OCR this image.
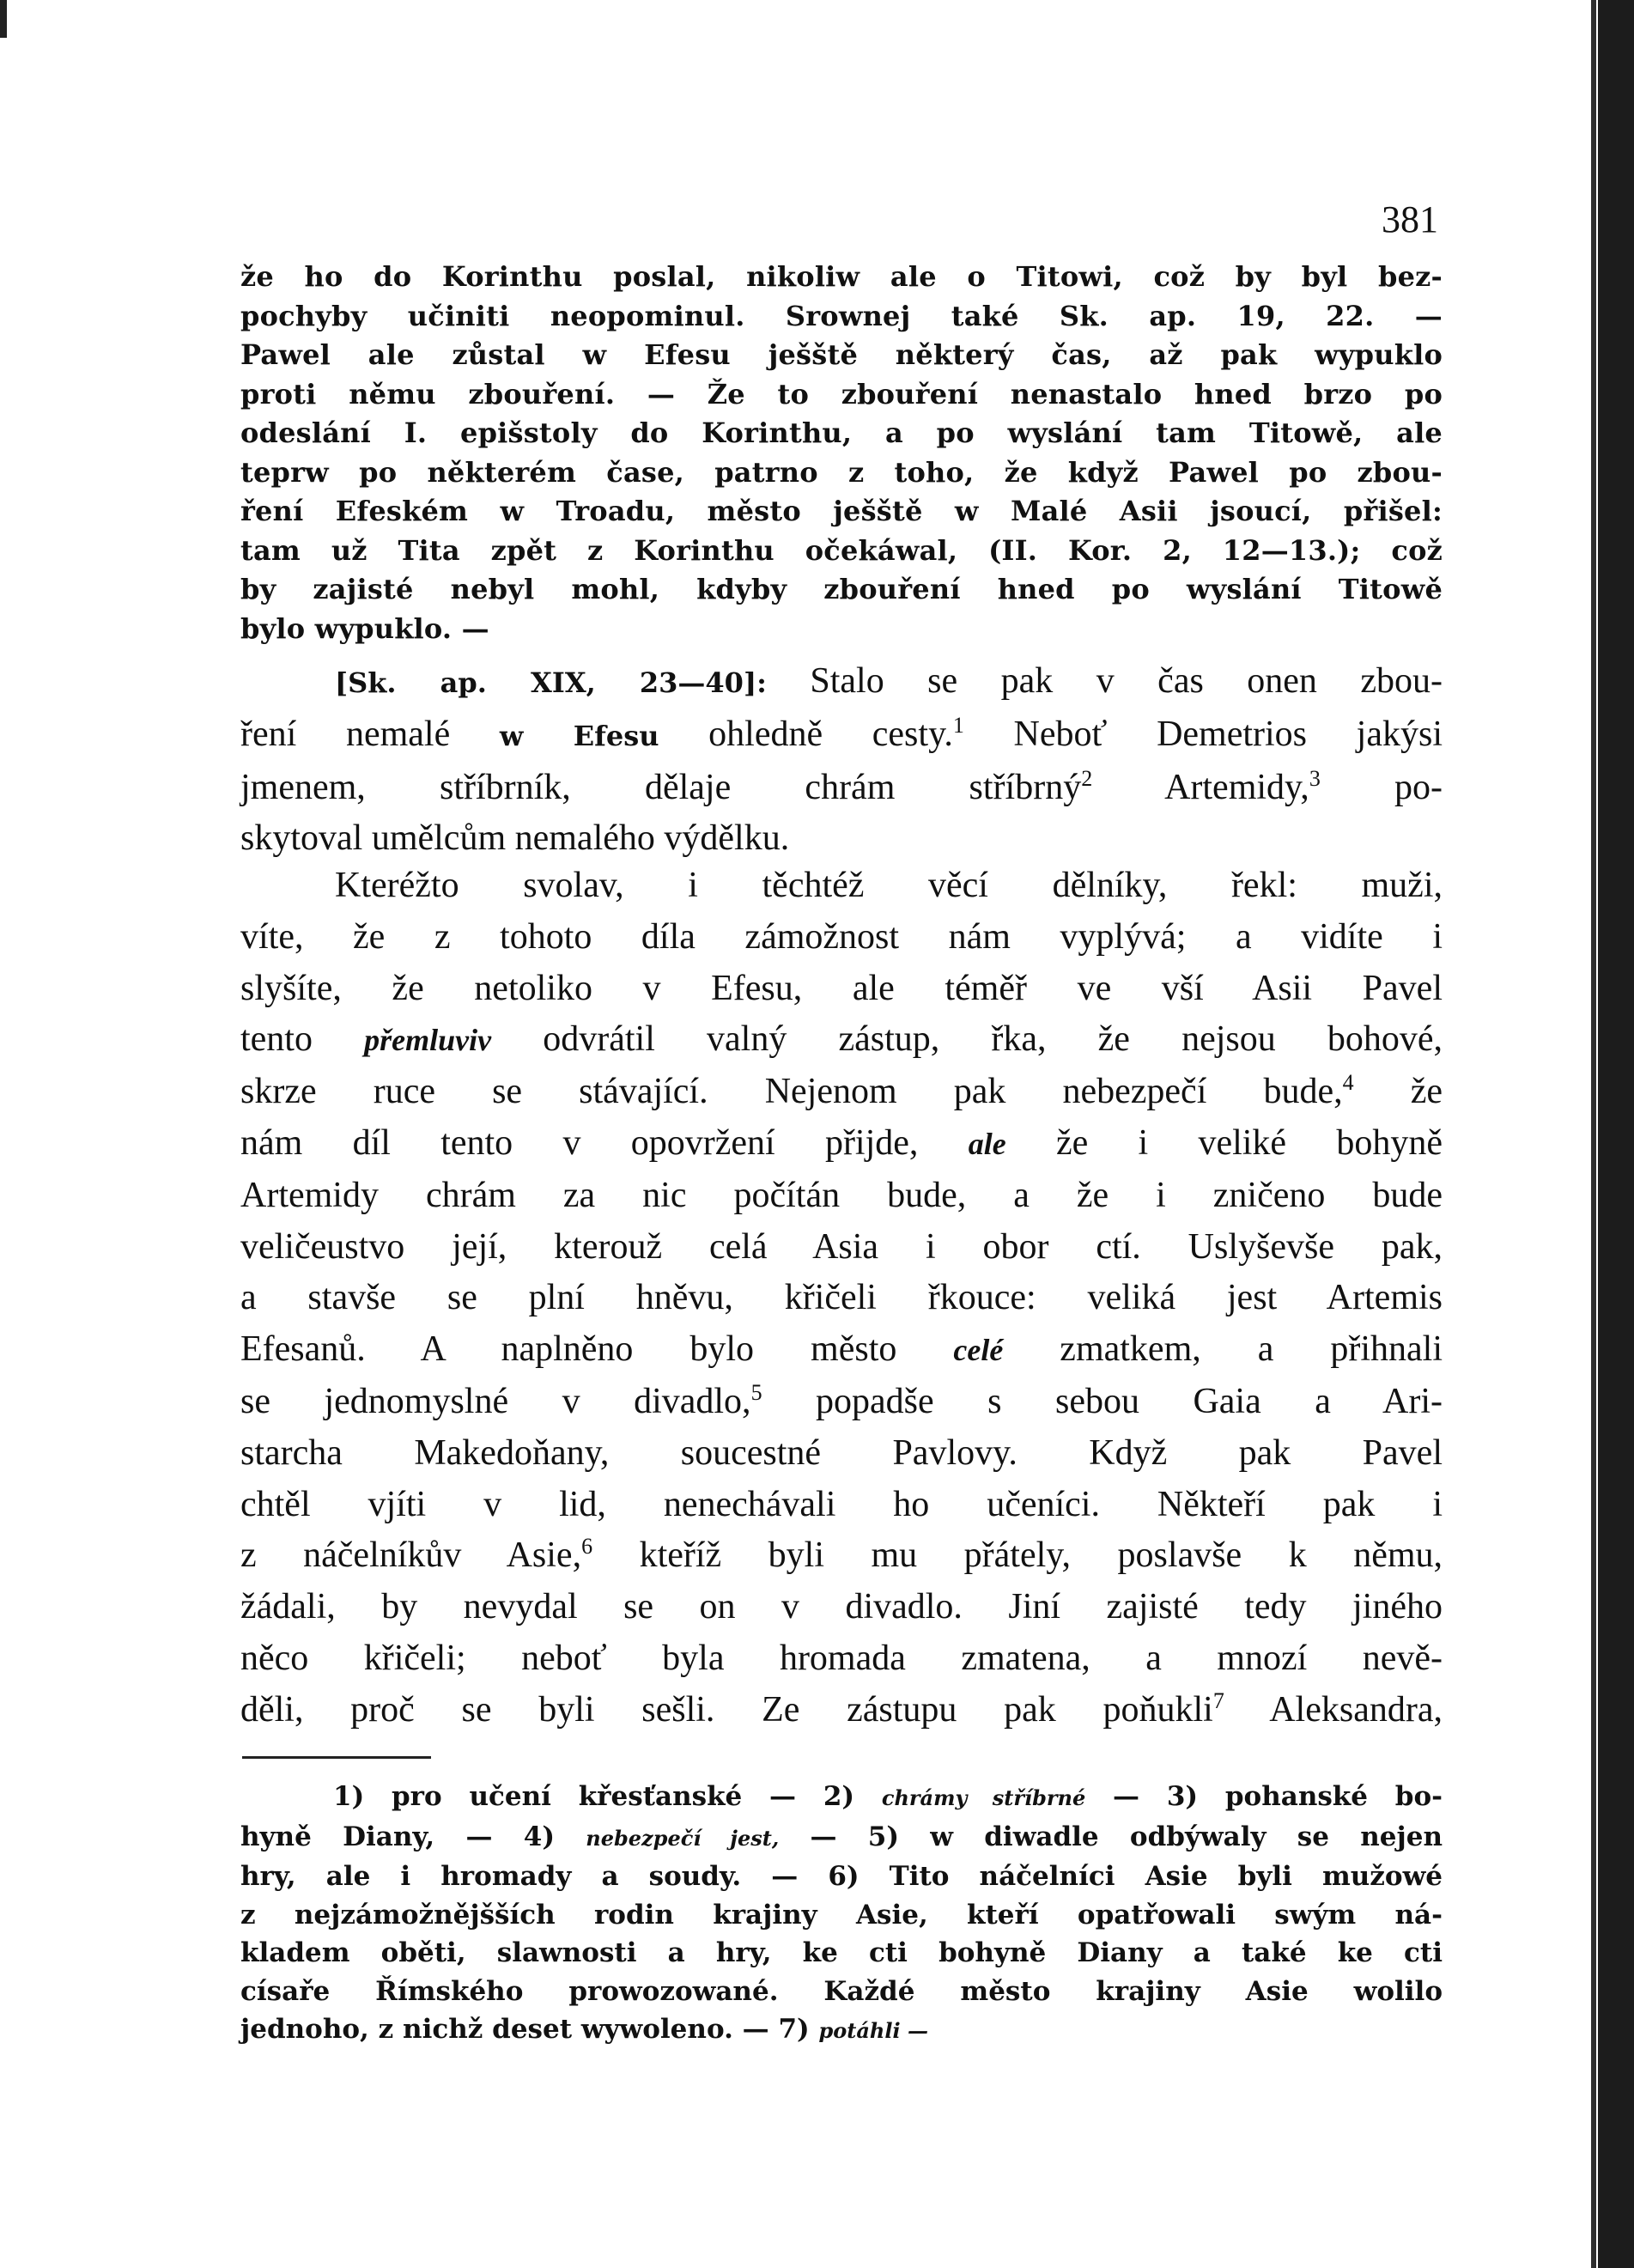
381
že ho do Korinthu poslal, nikoliw ale o Titowi, což by byl bez-
pochyby učiniti neopominul. Srownej také Sk. ap. 19, 22. —
Pawel ale zůstal w Efesu ješště některý čas, až pak wypuklo
proti němu zbouření. — Že to zbouření nenastalo hned brzo po
odeslání I. epišstoly do Korinthu, a po wyslání tam Titowě, ale
teprw po některém čase, patrno z toho, že když Pawel po zbou-
ření Efeském w Troadu, město ješště w Malé Asii jsoucí, přišel:
tam už Tita zpět z Korinthu očekáwal, (II. Kor. 2, 12—13.); což
by zajisté nebyl mohl, kdyby zbouření hned po wyslání Titowě
bylo wypuklo. —
[Sk. ap. XIX, 23—40]: Stalo se pak v čas onen zbou-
ření nemalé w Efesu ohledně cesty.$^1$ Neboť Demetrios jakýsi
jmenem, stříbrník, dělaje chrám stříbrný$^2$ Artemidy,$^3$ po-
skytoval umělcům nemalého výdělku.
Kteréžto svolav, i těchtéž věcí dělníky, řekl: muži,
víte, že z tohoto díla zámožnost nám vyplývá; a vidíte i
slyšíte, že netoliko v Efesu, ale téměř ve vší Asii Pavel
tento přemluviv odvrátil valný zástup, řka, že nejsou bohové,
skrze ruce se stávající. Nejenom pak nebezpečí bude,$^4$ že
nám díl tento v opovržení přijde, ale že i veliké bohyně
Artemidy chrám za nic počítán bude, a že i zničeno bude
veličeustvo její, kterouž celá Asia i obor ctí. Uslyševše pak,
a stavše se plní hněvu, křičeli řkouce: veliká jest Artemis
Efesanů. A naplněno bylo město celé zmatkem, a přihnali
se jednomyslné v divadlo,$^5$ popadše s sebou Gaia a Ari-
starcha Makedoňany, soucestné Pavlovy. Když pak Pavel
chtěl vjíti v lid, nenechávali ho učeníci. Někteří pak i
z náčelníkův Asie,$^6$ kteříž byli mu přátely, poslavše k němu,
žádali, by nevydal se on v divadlo. Jiní zajisté tedy jiného
něco křičeli; neboť byla hromada zmatena, a mnozí nevě-
děli, proč se byli sešli. Ze zástupu pak poňukli$^7$ Aleksandra,
1) pro učení křesťanské — 2) chrámy stříbrné — 3) pohanské bo-
hyně Diany, — 4) nebezpečí jest, — 5) w diwadle odbýwaly se nejen
hry, ale i hromady a soudy. — 6) Tito náčelníci Asie byli mužowé
z nejzámožnějšších rodin krajiny Asie, kteří opatřowali swým ná-
kladem oběti, slawnosti a hry, ke cti bohyně Diany a také ke cti
císaře Římského prowozowané. Každé město krajiny Asie wolilo
jednoho, z nichž deset wywoleno. — 7) potáhli —
